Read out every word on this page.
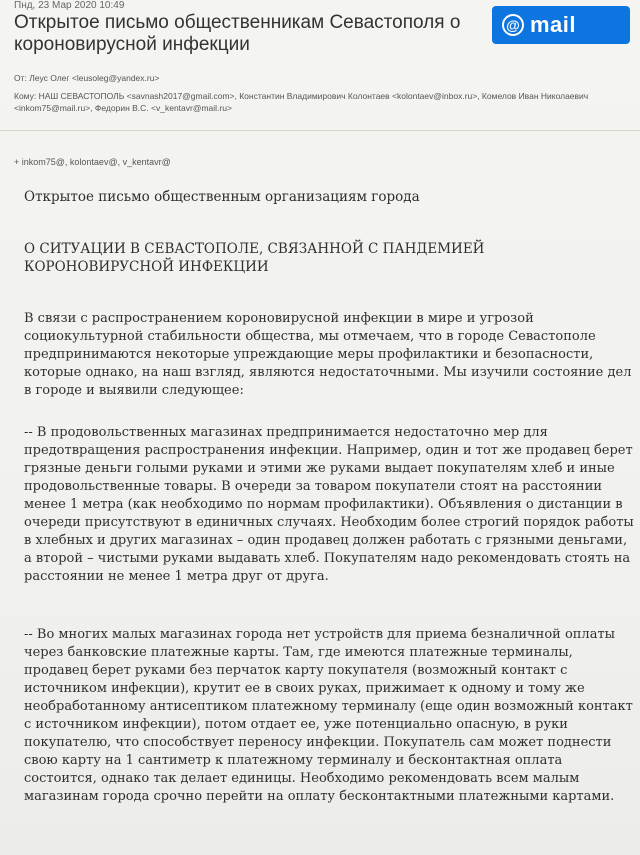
Пнд, 23 Мар 2020 10:49
Открытое письмо общественникам Севастополя о короновирусной инфекции
@ mail
От: Леус Олег <leusoleg@yandex.ru>
Кому: НАШ СЕВАСТОПОЛЬ <savnash2017@gmail.com>, Константин Владимирович Колонтаев <kolontaev@inbox.ru>, Комелов Иван Николаевич <inkom75@mail.ru>, Федорин В.С. <v_kentavr@mail.ru>
+ inkom75@, kolontaev@, v_kentavr@

Открытое письмо общественным организациям города

О СИТУАЦИИ В СЕВАСТОПОЛЕ, СВЯЗАННОЙ С ПАНДЕМИЕЙ КОРОНОВИРУСНОЙ ИНФЕКЦИИ

В связи с распространением короновирусной инфекции в мире и угрозой социокультурной стабильности общества, мы отмечаем, что в городе Севастополе предпринимаются некоторые упреждающие меры профилактики и безопасности, которые однако, на наш взгляд, являются недостаточными. Мы изучили состояние дел в городе и выявили следующее:

-- В продовольственных магазинах предпринимается недостаточно мер для предотвращения распространения инфекции. Например, один и тот же продавец берет грязные деньги голыми руками и этими же руками выдает покупателям хлеб и иные продовольственные товары. В очереди за товаром покупатели стоят на расстоянии менее 1 метра (как необходимо по нормам профилактики). Объявления о дистанции в очереди присутствуют в единичных случаях. Необходим более строгий порядок работы в хлебных и других магазинах – один продавец должен работать с грязными деньгами, а второй – чистыми руками выдавать хлеб. Покупателям надо рекомендовать стоять на расстоянии не менее 1 метра друг от друга.

-- Во многих малых магазинах города нет устройств для приема безналичной оплаты через банковские платежные карты. Там, где имеются платежные терминалы, продавец берет руками без перчаток карту покупателя (возможный контакт с источником инфекции), крутит ее в своих руках, прижимает к одному и тому же необработанному антисептиком платежному терминалу (еще один возможный контакт с источником инфекции), потом отдает ее, уже потенциально опасную, в руки покупателю, что способствует переносу инфекции. Покупатель сам может поднести свою карту на 1 сантиметр к платежному терминалу и бесконтактная оплата состоится, однако так делает единицы. Необходимо рекомендовать всем малым магазинам города срочно перейти на оплату бесконтактными платежными картами.
